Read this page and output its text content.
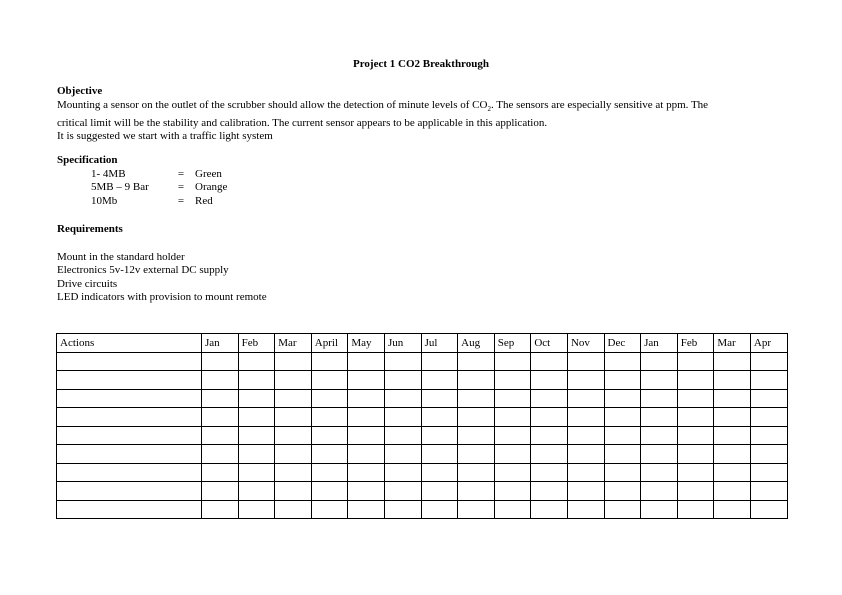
Project 1 CO2 Breakthrough
Objective
Mounting a sensor on the outlet of the scrubber should allow the detection of minute levels of $CO_2$. The sensors are especially sensitive at ppm. The
critical limit will be the stability and calibration. The current sensor appears to be applicable in this application.
It is suggested we start with a traffic light system
Specification
1- 4MB	= Green
5MB – 9 Bar	= Orange
10Mb	= Red
Requirements
Mount in the standard holder
Electronics 5v-12v external DC supply
Drive circuits
LED indicators with provision to mount remote
Actions	Jan	Feb	Mar	April	May	Jun	Jul	Aug	Sep	Oct	Nov	Dec	Jan	Feb	Mar	Apr
